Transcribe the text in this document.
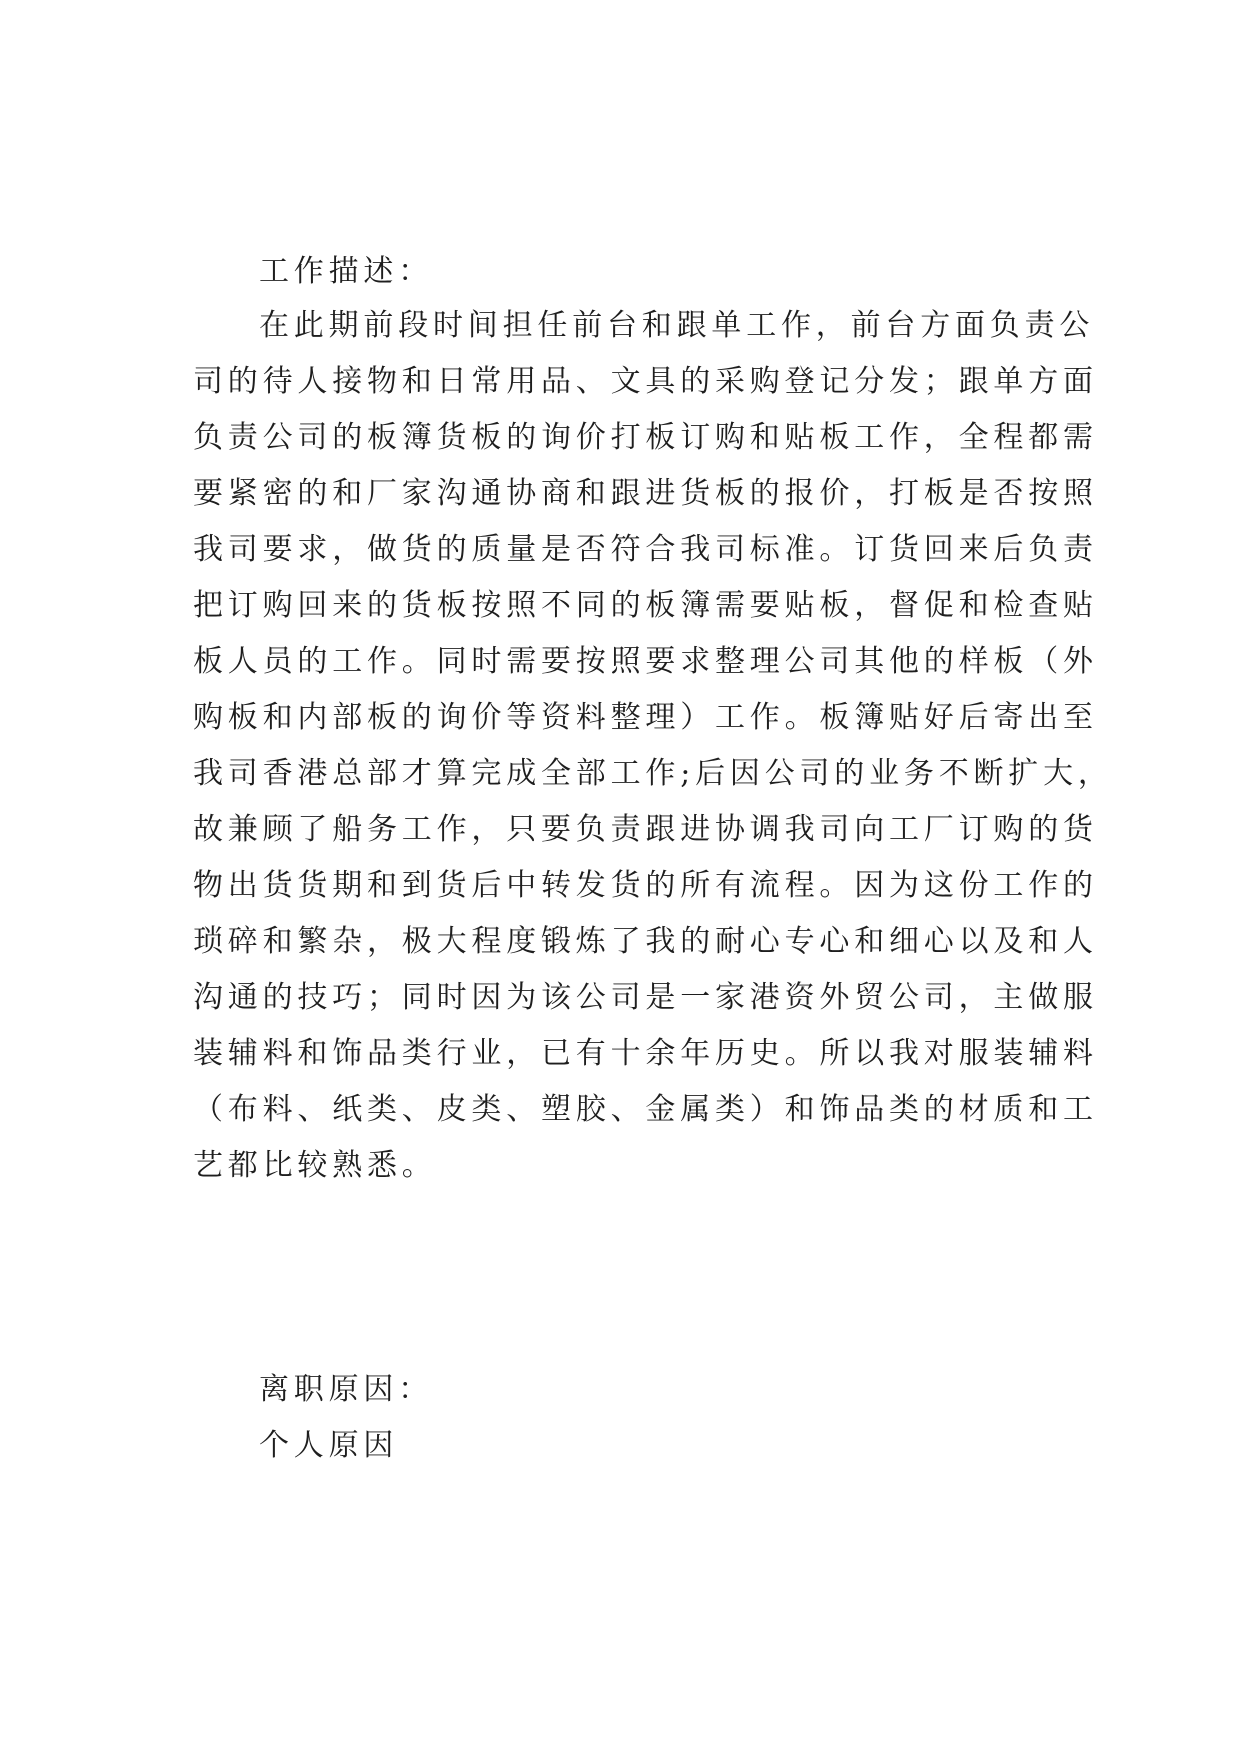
工作描述：
在此期前段时间担任前台和跟单工作，前台方面负责公
司的待人接物和日常用品、文具的采购登记分发；跟单方面
负责公司的板簿货板的询价打板订购和贴板工作，全程都需
要紧密的和厂家沟通协商和跟进货板的报价，打板是否按照
我司要求，做货的质量是否符合我司标准。订货回来后负责
把订购回来的货板按照不同的板簿需要贴板，督促和检查贴
板人员的工作。同时需要按照要求整理公司其他的样板（外
购板和内部板的询价等资料整理）工作。板簿贴好后寄出至
我司香港总部才算完成全部工作;后因公司的业务不断扩大，
故兼顾了船务工作，只要负责跟进协调我司向工厂订购的货
物出货货期和到货后中转发货的所有流程。因为这份工作的
琐碎和繁杂，极大程度锻炼了我的耐心专心和细心以及和人
沟通的技巧；同时因为该公司是一家港资外贸公司，主做服
装辅料和饰品类行业，已有十余年历史。所以我对服装辅料
（布料、纸类、皮类、塑胶、金属类）和饰品类的材质和工
艺都比较熟悉。
离职原因：
个人原因
